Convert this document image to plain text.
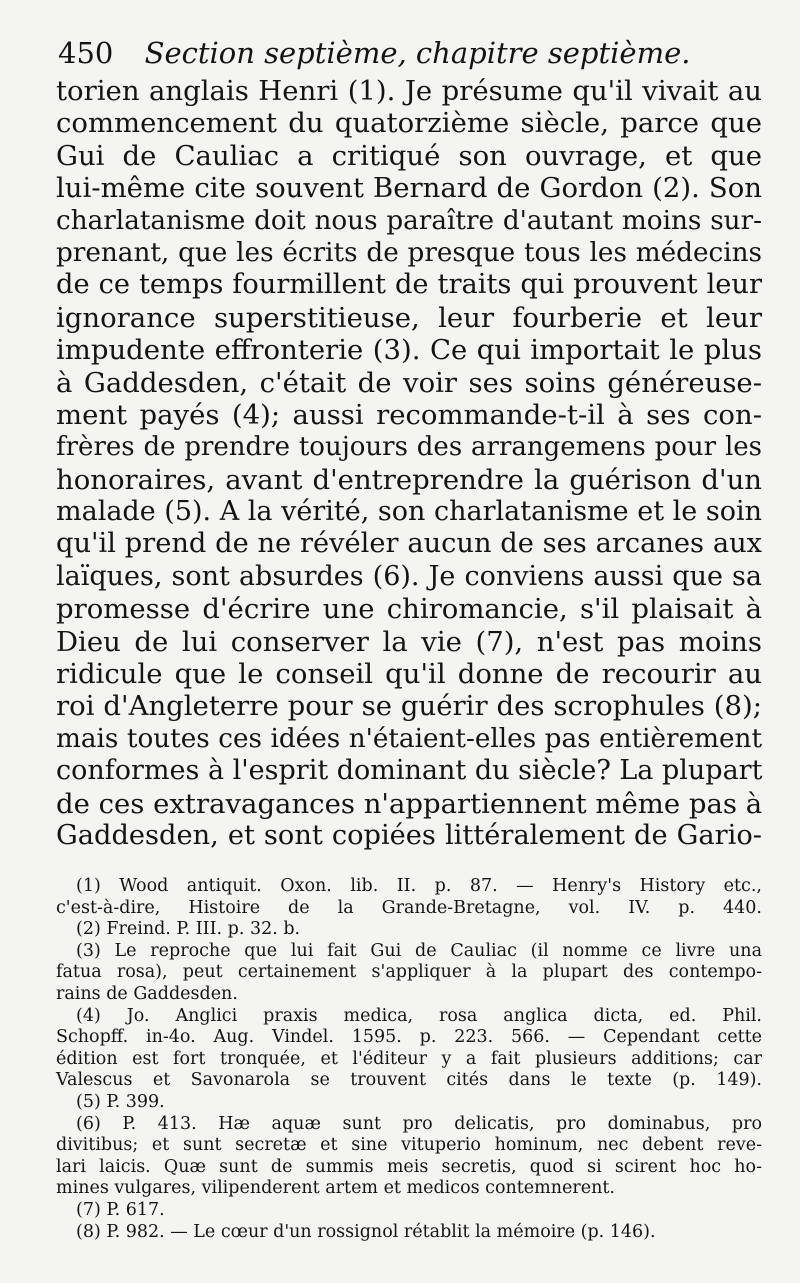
450 Section septième, chapitre septième.
torien anglais Henri (1). Je présume qu'il vivait au
commencement du quatorzième siècle, parce que
Gui de Cauliac a critiqué son ouvrage, et que
lui-même cite souvent Bernard de Gordon (2). Son
charlatanisme doit nous paraître d'autant moins sur-
prenant, que les écrits de presque tous les médecins
de ce temps fourmillent de traits qui prouvent leur
ignorance superstitieuse, leur fourberie et leur
impudente effronterie (3). Ce qui importait le plus
à Gaddesden, c'était de voir ses soins généreuse-
ment payés (4); aussi recommande-t-il à ses con-
frères de prendre toujours des arrangemens pour les
honoraires, avant d'entreprendre la guérison d'un
malade (5). A la vérité, son charlatanisme et le soin
qu'il prend de ne révéler aucun de ses arcanes aux
laïques, sont absurdes (6). Je conviens aussi que sa
promesse d'écrire une chiromancie, s'il plaisait à
Dieu de lui conserver la vie (7), n'est pas moins
ridicule que le conseil qu'il donne de recourir au
roi d'Angleterre pour se guérir des scrophules (8);
mais toutes ces idées n'étaient-elles pas entièrement
conformes à l'esprit dominant du siècle? La plupart
de ces extravagances n'appartiennent même pas à
Gaddesden, et sont copiées littéralement de Gario-
(1) Wood antiquit. Oxon. lib. II. p. 87. — Henry's History etc.,
c'est-à-dire, Histoire de la Grande-Bretagne, vol. IV. p. 440.
(2) Freind. P. III. p. 32. b.
(3) Le reproche que lui fait Gui de Cauliac (il nomme ce livre una
fatua rosa), peut certainement s'appliquer à la plupart des contempo-
rains de Gaddesden.
(4) Jo. Anglici praxis medica, rosa anglica dicta, ed. Phil.
Schopff. in-4o. Aug. Vindel. 1595. p. 223. 566. — Cependant cette
édition est fort tronquée, et l'éditeur y a fait plusieurs additions; car
Valescus et Savonarola se trouvent cités dans le texte (p. 149).
(5) P. 399.
(6) P. 413. Hæ aquæ sunt pro delicatis, pro dominabus, pro
divitibus; et sunt secretæ et sine vituperio hominum, nec debent reve-
lari laicis. Quæ sunt de summis meis secretis, quod si scirent hoc ho-
mines vulgares, vilipenderent artem et medicos contemnerent.
(7) P. 617.
(8) P. 982. — Le cœur d'un rossignol rétablit la mémoire (p. 146).
